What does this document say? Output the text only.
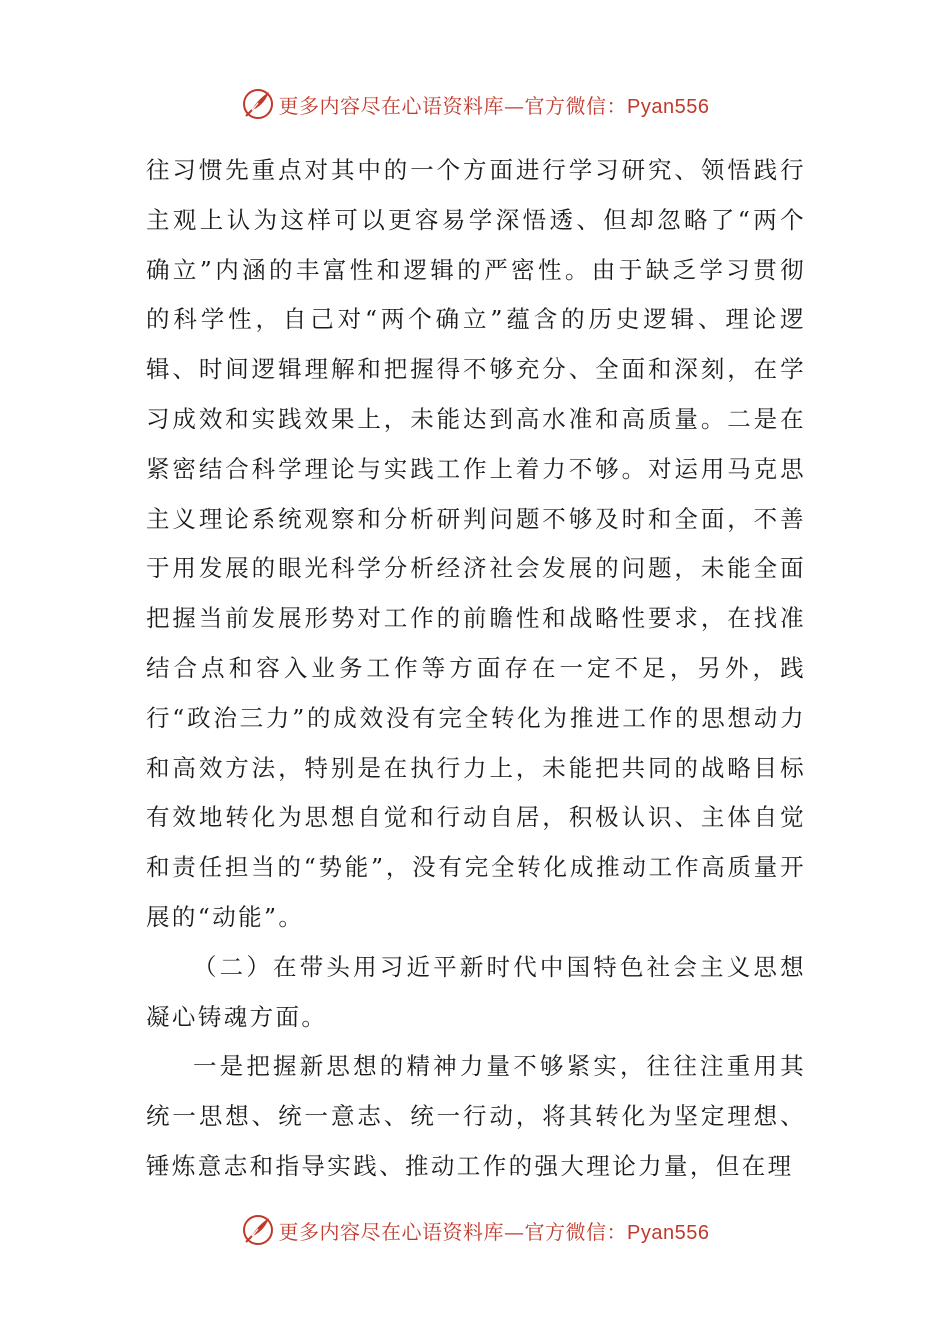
更多内容尽在心语资料库—官方微信：Pyan556

往习惯先重点对其中的一个方面进行学习研究、领悟践行主观上认为这样可以更容易学深悟透、但却忽略了“两个确立”内涵的丰富性和逻辑的严密性。由于缺乏学习贯彻的科学性，自己对“两个确立”蕴含的历史逻辑、理论逻辑、时间逻辑理解和把握得不够充分、全面和深刻，在学习成效和实践效果上，未能达到高水准和高质量。二是在紧密结合科学理论与实践工作上着力不够。对运用马克思主义理论系统观察和分析研判问题不够及时和全面，不善于用发展的眼光科学分析经济社会发展的问题，未能全面把握当前发展形势对工作的前瞻性和战略性要求，在找准结合点和容入业务工作等方面存在一定不足，另外，践行“政治三力”的成效没有完全转化为推进工作的思想动力和高效方法，特别是在执行力上，未能把共同的战略目标有效地转化为思想自觉和行动自居，积极认识、主体自觉和责任担当的“势能”，没有完全转化成推动工作高质量开展的“动能”。

（二）在带头用习近平新时代中国特色社会主义思想凝心铸魂方面。

一是把握新思想的精神力量不够紧实，往往注重用其统一思想、统一意志、统一行动，将其转化为坚定理想、锤炼意志和指导实践、推动工作的强大理论力量，但在理

更多内容尽在心语资料库—官方微信：Pyan556
